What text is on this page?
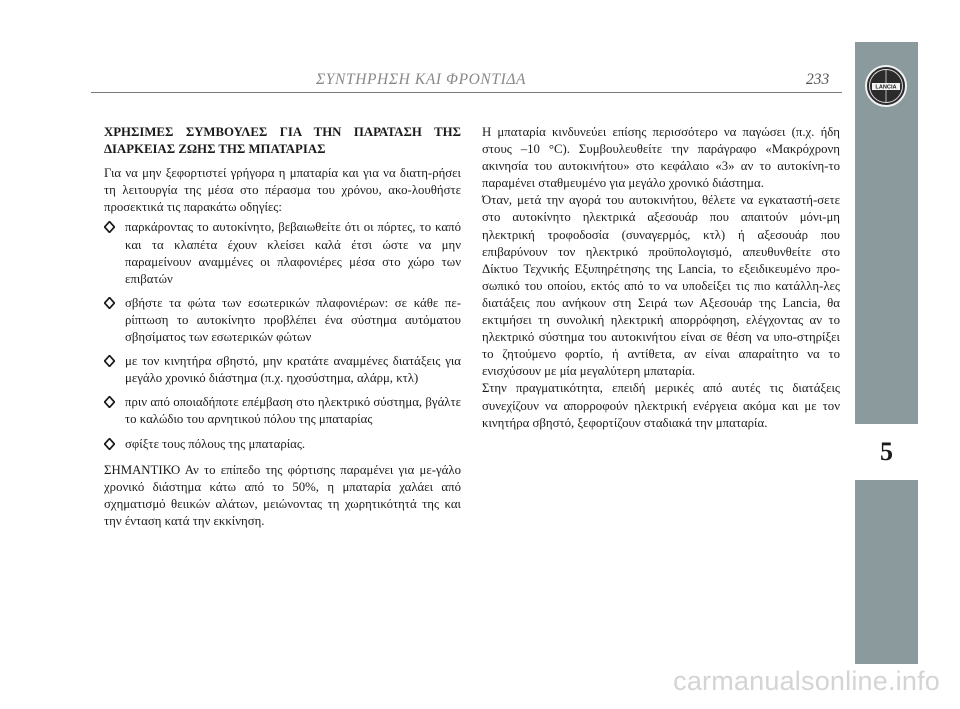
ΣΥΝΤΗΡΗΣΗ ΚΑΙ ΦΡΟΝΤΙΔΑ	233	LANCIA
5

ΧΡΗΣΙΜΕΣ ΣΥΜΒΟΥΛΕΣ ΓΙΑ ΤΗΝ ΠΑΡΑΤΑΣΗ ΤΗΣ ΔΙΑΡΚΕΙΑΣ ΖΩΗΣ ΤΗΣ ΜΠΑΤΑΡΙΑΣ

Για να μην ξεφορτιστεί γρήγορα η μπαταρία και για να διατη-ρήσει τη λειτουργία της μέσα στο πέρασμα του χρόνου, ακο-λουθήστε προσεκτικά τις παρακάτω οδηγίες:

παρκάροντας το αυτοκίνητο, βεβαιωθείτε ότι οι πόρτες, το καπό και τα κλαπέτα έχουν κλείσει καλά έτσι ώστε να μην παραμείνουν αναμμένες οι πλαφονιέρες μέσα στο χώρο των επιβατών
σβήστε τα φώτα των εσωτερικών πλαφονιέρων: σε κάθε πε-ρίπτωση το αυτοκίνητο προβλέπει ένα σύστημα αυτόματου σβησίματος των εσωτερικών φώτων
με τον κινητήρα σβηστό, μην κρατάτε αναμμένες διατάξεις για μεγάλο χρονικό διάστημα (π.χ. ηχοσύστημα, αλάρμ, κτλ)
πριν από οποιαδήποτε επέμβαση στο ηλεκτρικό σύστημα, βγάλτε το καλώδιο του αρνητικού πόλου της μπαταρίας
σφίξτε τους πόλους της μπαταρίας.

ΣΗΜΑΝΤΙΚΟ Αν το επίπεδο της φόρτισης παραμένει για με-γάλο χρονικό διάστημα κάτω από το 50%, η μπαταρία χαλάει από σχηματισμό θειικών αλάτων, μειώνοντας τη χωρητικότητά της και την ένταση κατά την εκκίνηση.

Η μπαταρία κινδυνεύει επίσης περισσότερο να παγώσει (π.χ. ήδη στους –10 °C). Συμβουλευθείτε την παράγραφο «Μακρόχρονη ακινησία του αυτοκινήτου» στο κεφάλαιο «3» αν το αυτοκίνη-το παραμένει σταθμευμένο για μεγάλο χρονικό διάστημα.

Όταν, μετά την αγορά του αυτοκινήτου, θέλετε να εγκαταστή-σετε στο αυτοκίνητο ηλεκτρικά αξεσουάρ που απαιτούν μόνι-μη ηλεκτρική τροφοδοσία (συναγερμός, κτλ) ή αξεσουάρ που επιβαρύνουν τον ηλεκτρικό προϋπολογισμό, απευθυνθείτε στο Δίκτυο Τεχνικής Εξυπηρέτησης της Lancia, το εξειδικευμένο προ-σωπικό του οποίου, εκτός από το να υποδείξει τις πιο κατάλλη-λες διατάξεις που ανήκουν στη Σειρά των Αξεσουάρ της Lancia, θα εκτιμήσει τη συνολική ηλεκτρική απορρόφηση, ελέγχοντας αν το ηλεκτρικό σύστημα του αυτοκινήτου είναι σε θέση να υπο-στηρίξει το ζητούμενο φορτίο, ή αντίθετα, αν είναι απαραίτητο να το ενισχύσουν με μία μεγαλύτερη μπαταρία.

Στην πραγματικότητα, επειδή μερικές από αυτές τις διατάξεις συνεχίζουν να απορροφούν ηλεκτρική ενέργεια ακόμα και με τον κινητήρα σβηστό, ξεφορτίζουν σταδιακά την μπαταρία.

carmanualsonline.info
